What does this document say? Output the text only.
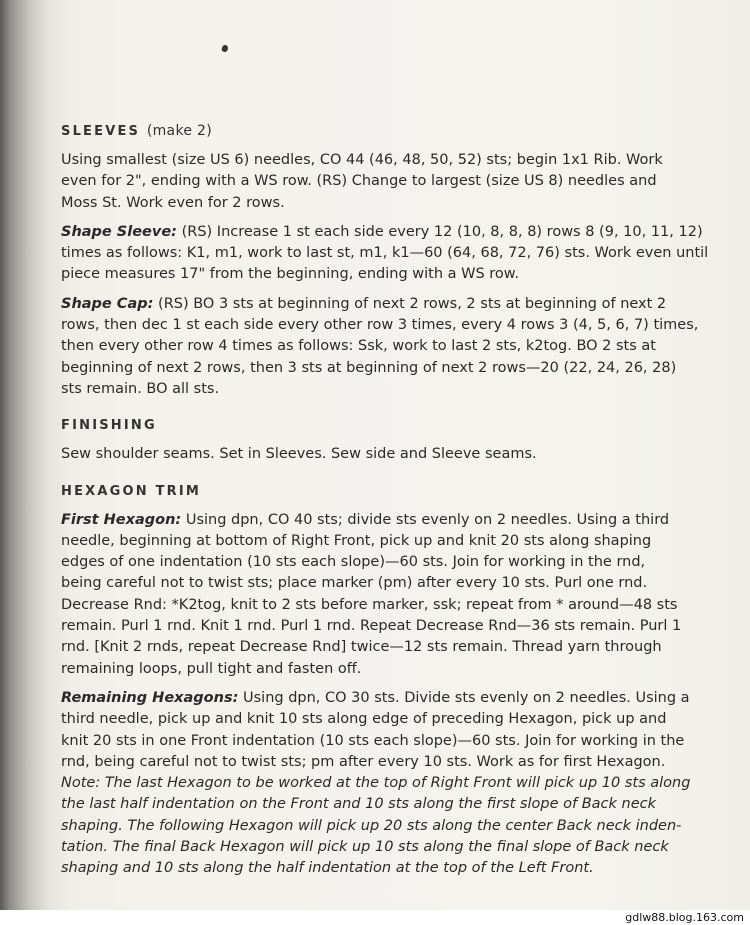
SLEEVES (make 2)

Using smallest (size US 6) needles, CO 44 (46, 48, 50, 52) sts; begin 1x1 Rib. Work

even for 2", ending with a WS row. (RS) Change to largest (size US 8) needles and

Moss St. Work even for 2 rows.

Shape Sleeve: (RS) Increase 1 st each side every 12 (10, 8, 8, 8) rows 8 (9, 10, 11, 12)

times as follows: K1, m1, work to last st, m1, k1—60 (64, 68, 72, 76) sts. Work even until

piece measures 17" from the beginning, ending with a WS row.

Shape Cap: (RS) BO 3 sts at beginning of next 2 rows, 2 sts at beginning of next 2

rows, then dec 1 st each side every other row 3 times, every 4 rows 3 (4, 5, 6, 7) times,

then every other row 4 times as follows: Ssk, work to last 2 sts, k2tog. BO 2 sts at

beginning of next 2 rows, then 3 sts at beginning of next 2 rows—20 (22, 24, 26, 28)

sts remain. BO all sts.

FINISHING

Sew shoulder seams. Set in Sleeves. Sew side and Sleeve seams.

HEXAGON TRIM

First Hexagon: Using dpn, CO 40 sts; divide sts evenly on 2 needles. Using a third

needle, beginning at bottom of Right Front, pick up and knit 20 sts along shaping

edges of one indentation (10 sts each slope)—60 sts. Join for working in the rnd,

being careful not to twist sts; place marker (pm) after every 10 sts. Purl one rnd.

Decrease Rnd: *K2tog, knit to 2 sts before marker, ssk; repeat from * around—48 sts

remain. Purl 1 rnd. Knit 1 rnd. Purl 1 rnd. Repeat Decrease Rnd—36 sts remain. Purl 1

rnd. [Knit 2 rnds, repeat Decrease Rnd] twice—12 sts remain. Thread yarn through

remaining loops, pull tight and fasten off.

Remaining Hexagons: Using dpn, CO 30 sts. Divide sts evenly on 2 needles. Using a

third needle, pick up and knit 10 sts along edge of preceding Hexagon, pick up and

knit 20 sts in one Front indentation (10 sts each slope)—60 sts. Join for working in the

rnd, being careful not to twist sts; pm after every 10 sts. Work as for first Hexagon.

Note: The last Hexagon to be worked at the top of Right Front will pick up 10 sts along

the last half indentation on the Front and 10 sts along the first slope of Back neck

shaping. The following Hexagon will pick up 20 sts along the center Back neck inden-

tation. The final Back Hexagon will pick up 10 sts along the final slope of Back neck

shaping and 10 sts along the half indentation at the top of the Left Front.

gdlw88.blog.163.com
